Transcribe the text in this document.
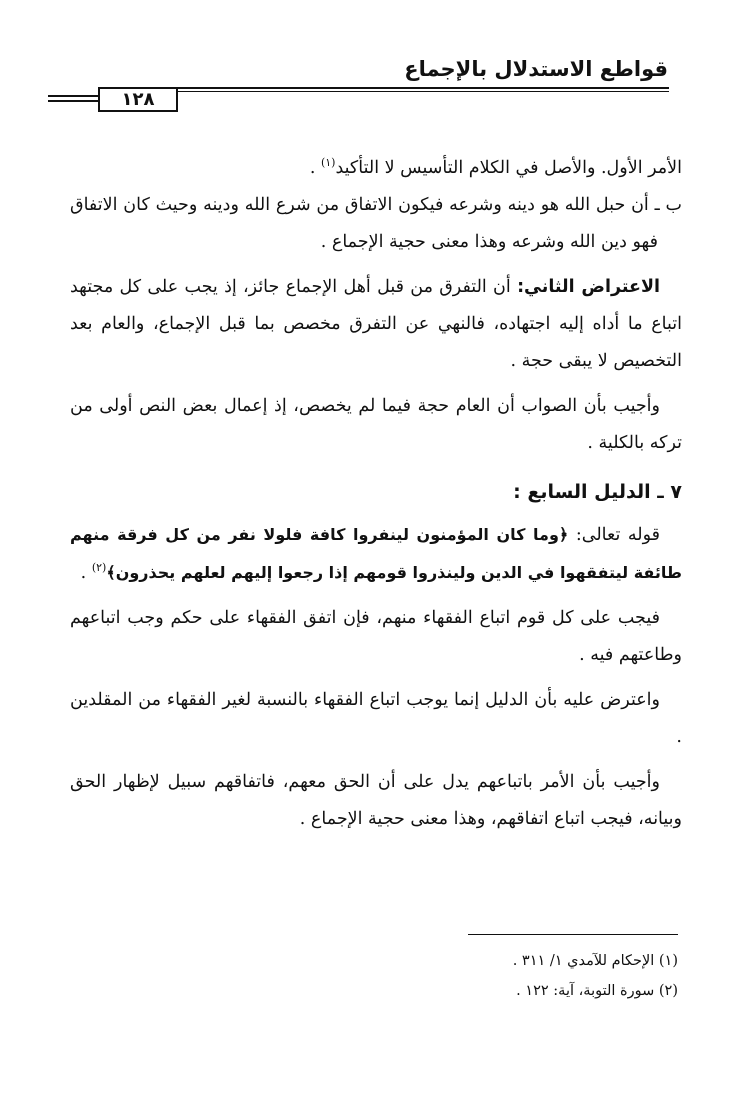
قواطع الاستدلال بالإجماع
١٢٨

الأمر الأول. والأصل في الكلام التأسيس لا التأكيد$^{(١)}$ .

ب ـ أن حبل الله هو دينه وشرعه فيكون الاتفاق من شرع الله ودينه وحيث كان الاتفاق فهو دين الله وشرعه وهذا معنى حجية الإجماع .

الاعتراض الثاني: أن التفرق من قبل أهل الإجماع جائز، إذ يجب على كل مجتهد اتباع ما أداه إليه اجتهاده، فالنهي عن التفرق مخصص بما قبل الإجماع، والعام بعد التخصيص لا يبقى حجة .

وأجيب بأن الصواب أن العام حجة فيما لم يخصص، إذ إعمال بعض النص أولى من تركه بالكلية .

٧ ـ الدليل السابع :

قوله تعالى: ﴿وما كان المؤمنون لينفروا كافة فلولا نفر من كل فرقة منهم طائفة ليتفقهوا في الدين ولينذروا قومهم إذا رجعوا إليهم لعلهم يحذرون﴾$^{(٢)}$ .

فيجب على كل قوم اتباع الفقهاء منهم، فإن اتفق الفقهاء على حكم وجب اتباعهم وطاعتهم فيه .

واعترض عليه بأن الدليل إنما يوجب اتباع الفقهاء بالنسبة لغير الفقهاء من المقلدين .

وأجيب بأن الأمر باتباعهم يدل على أن الحق معهم، فاتفاقهم سبيل لإظهار الحق وبيانه، فيجب اتباع اتفاقهم، وهذا معنى حجية الإجماع .

(١) الإحكام للآمدي ١/ ٣١١ .
(٢) سورة التوبة، آية: ١٢٢ .
